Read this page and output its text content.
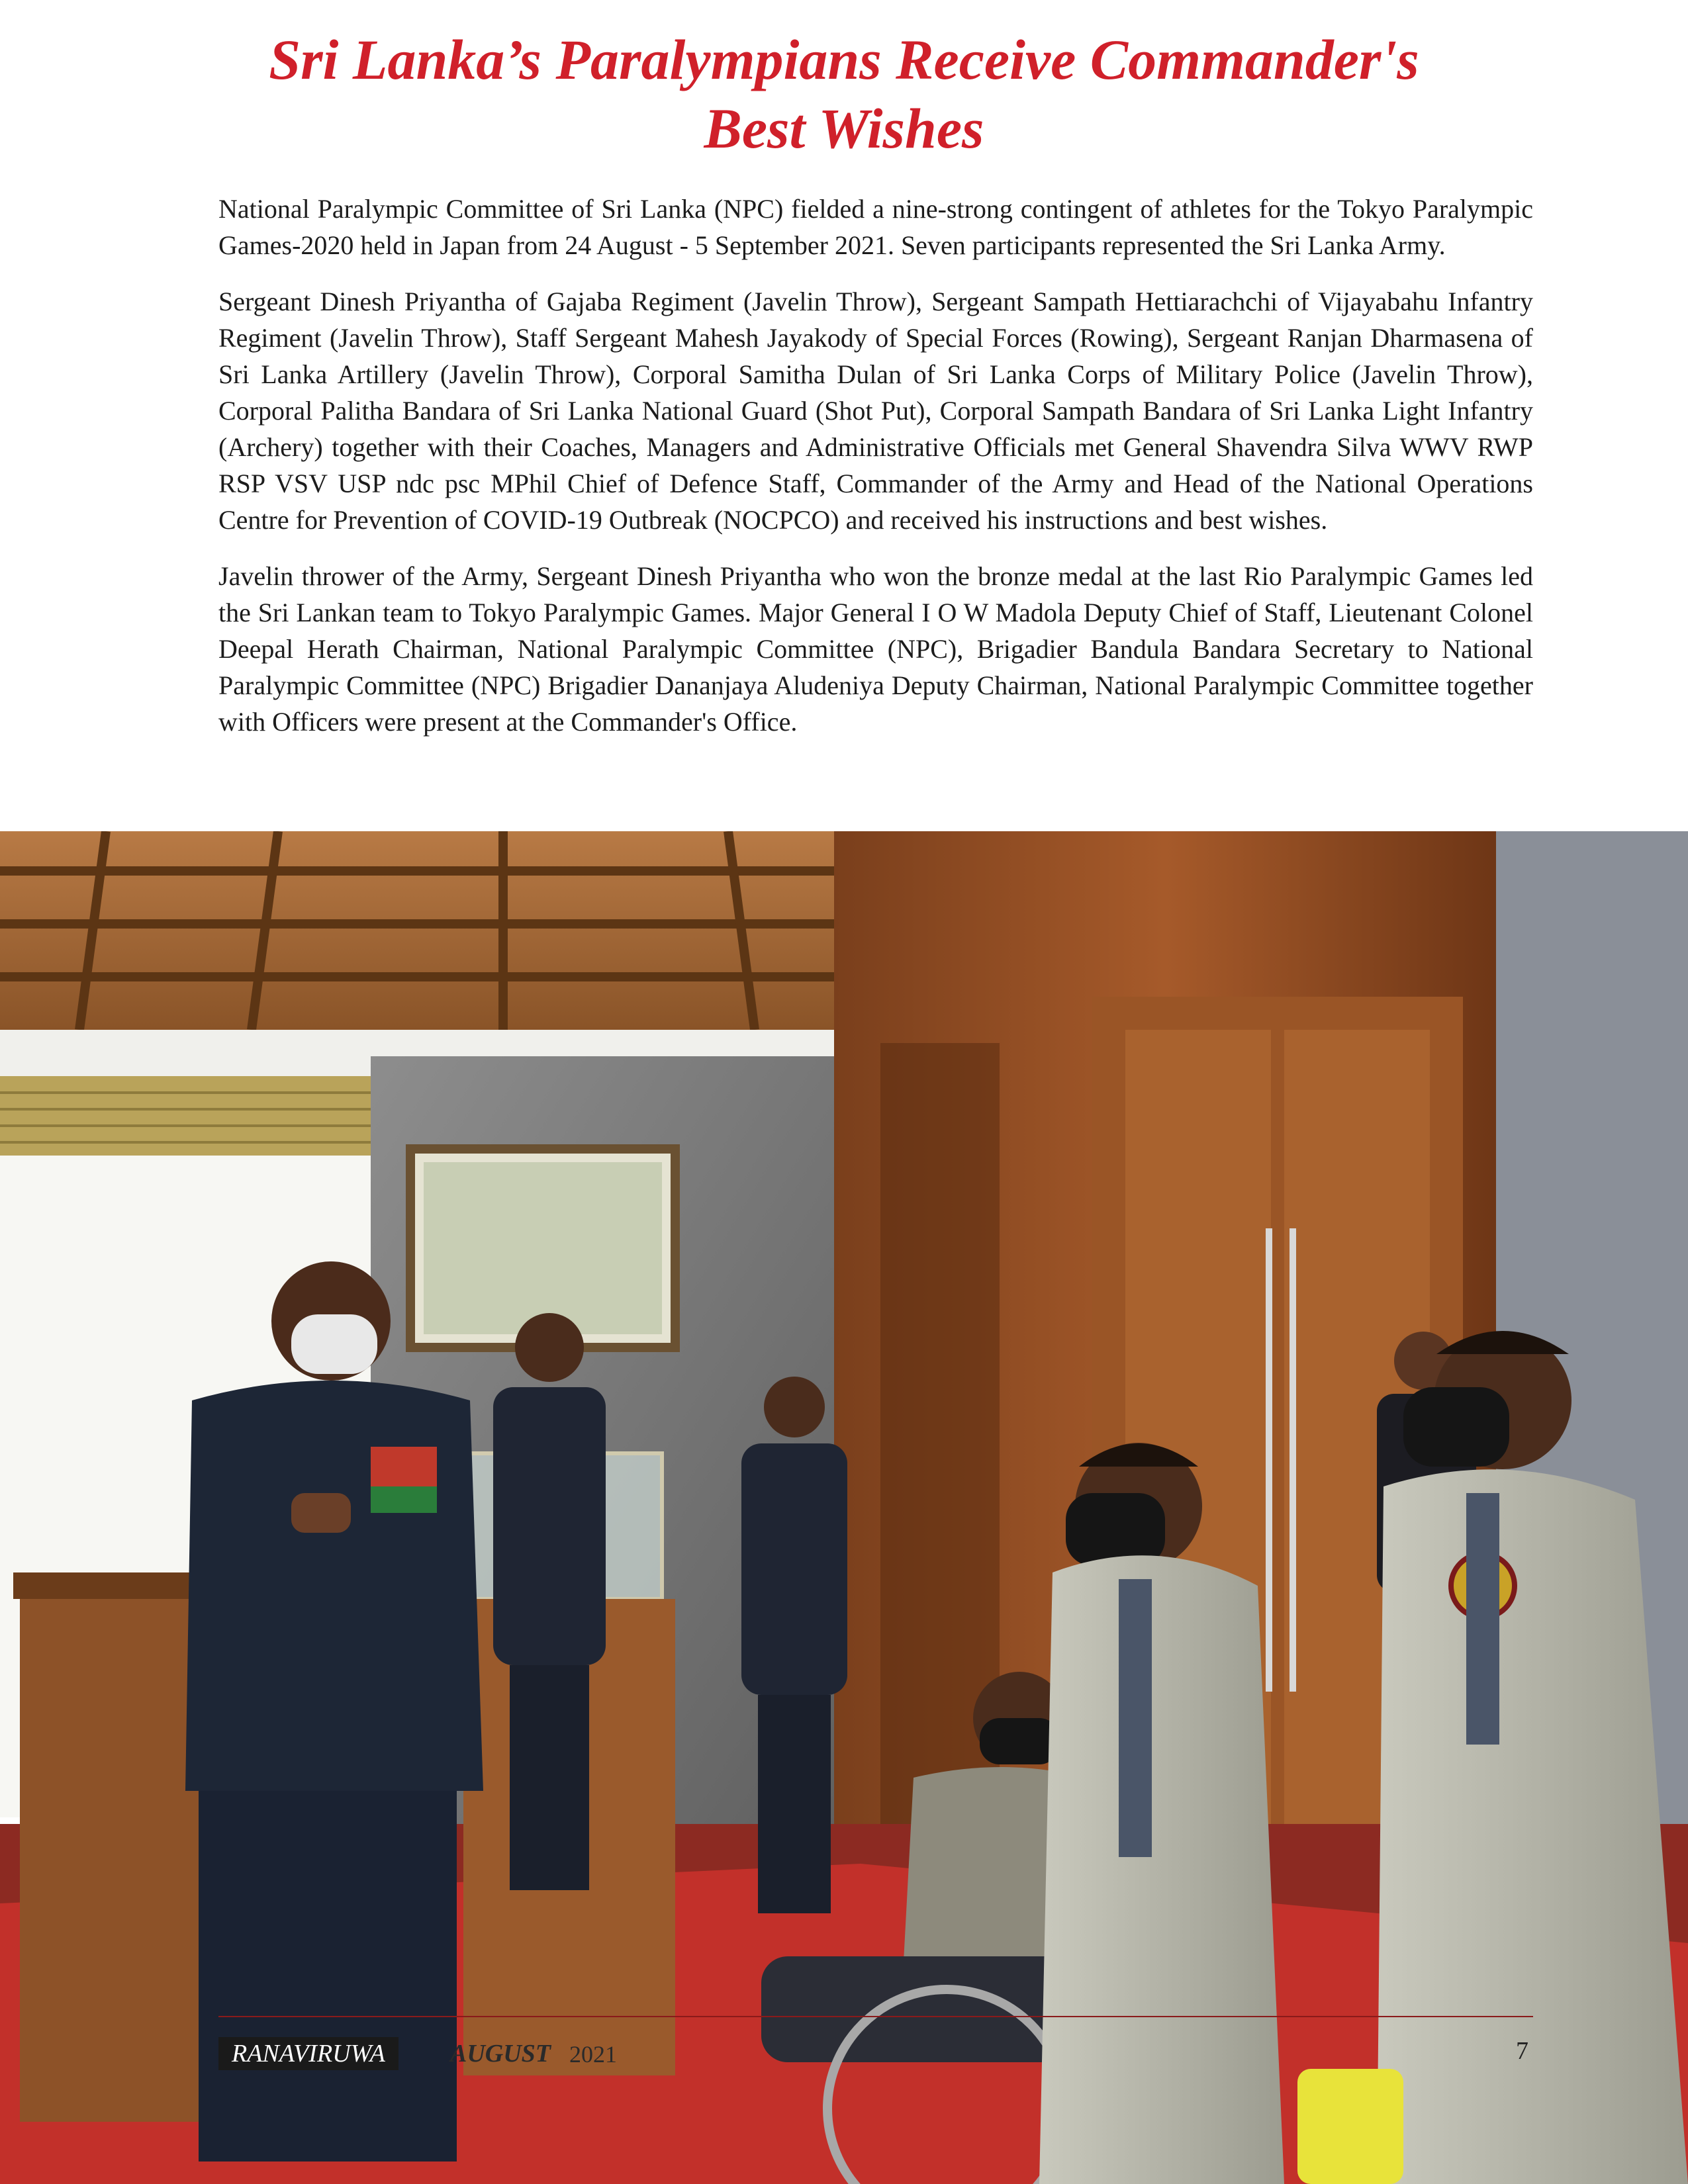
Sri Lanka’s Paralympians Receive Commander's
Best Wishes

National Paralympic Committee of Sri Lanka (NPC) fielded a nine-strong contingent of athletes for the Tokyo Paralympic Games-2020 held in Japan from 24 August - 5 September 2021. Seven participants represented the Sri Lanka Army.

Sergeant Dinesh Priyantha of Gajaba Regiment (Javelin Throw), Sergeant Sampath Hettiarachchi of Vijayabahu Infantry Regiment (Javelin Throw), Staff Sergeant Mahesh Jayakody of Special Forces (Rowing), Sergeant Ranjan Dharmasena of Sri Lanka Artillery (Javelin Throw), Corporal Samitha Dulan of Sri Lanka Corps of Military Police (Javelin Throw), Corporal Palitha Bandara of Sri Lanka National Guard (Shot Put), Corporal Sampath Bandara of Sri Lanka Light Infantry (Archery) together with their Coaches, Managers and Administrative Officials met General Shavendra Silva WWV RWP RSP VSV USP ndc psc MPhil Chief of Defence Staff, Commander of the Army and Head of the National Operations Centre for Prevention of COVID-19 Outbreak (NOCPCO) and received his instructions and best wishes.

Javelin thrower of the Army, Sergeant Dinesh Priyantha who won the bronze medal at the last Rio Paralympic Games led the Sri Lankan team to Tokyo Paralympic Games. Major General I O W Madola Deputy Chief of Staff, Lieutenant Colonel Deepal Herath Chairman, National Paralympic Committee (NPC), Brigadier Bandula Bandara Secretary to National Paralympic Committee (NPC) Brigadier Dananjaya Aludeniya Deputy Chairman, National Paralympic Committee together with Officers were present at the Commander's Office.

RANAVIRUWA	AUGUST 2021	7
